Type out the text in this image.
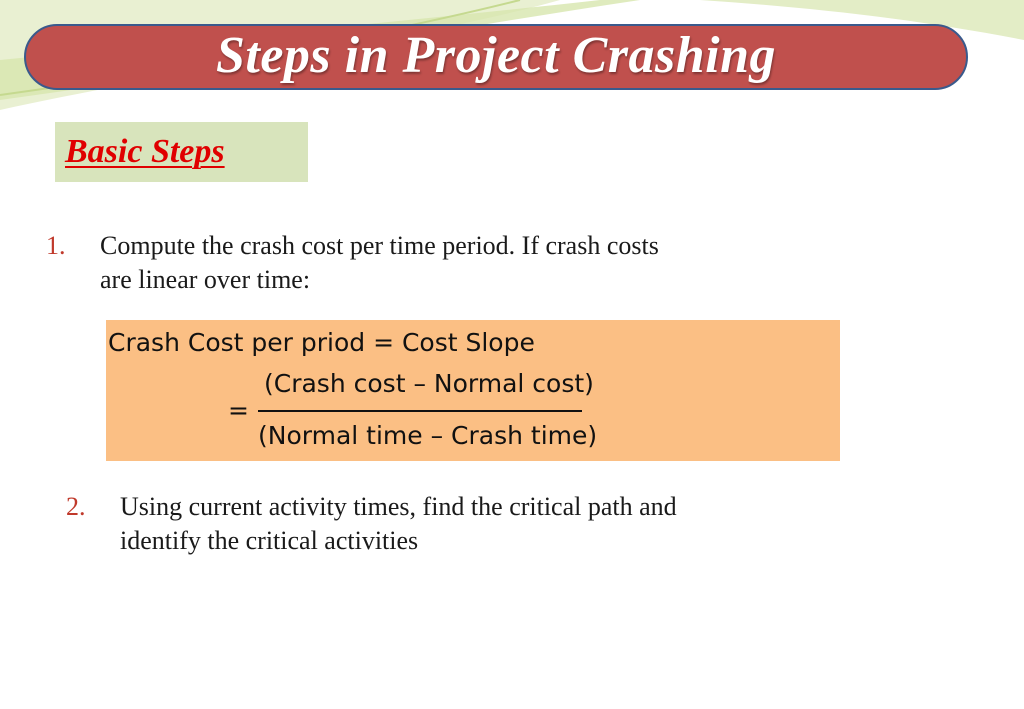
Steps in Project Crashing
Basic Steps
1.	Compute the crash cost per time period. If crash costs
are linear over time:
Crash Cost per priod = Cost Slope
=
(Crash cost – Normal cost)
(Normal time – Crash time)
2.	Using current activity times, find the critical path and
identify the critical activities
